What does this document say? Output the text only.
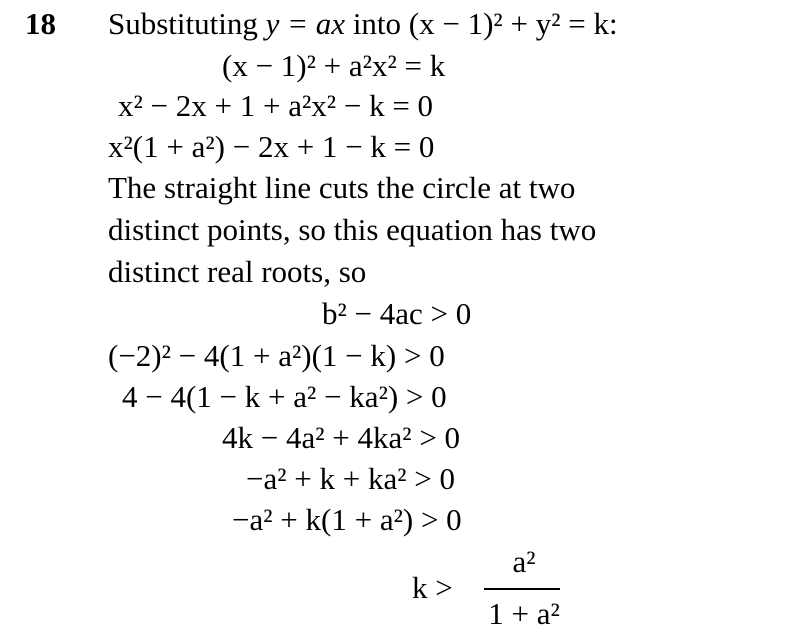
18 Substituting y = ax into (x − 1)² + y² = k:
(x − 1)² + a²x² = k
x² − 2x + 1 + a²x² − k = 0
x²(1 + a²) − 2x + 1 − k = 0
The straight line cuts the circle at two
distinct points, so this equation has two
distinct real roots, so
b² − 4ac > 0
(−2)² − 4(1 + a²)(1 − k) > 0
4 − 4(1 − k + a² − ka²) > 0
4k − 4a² + 4ka² > 0
−a² + k + ka² > 0
−a² + k(1 + a²) > 0
k >
a²
1 + a²
